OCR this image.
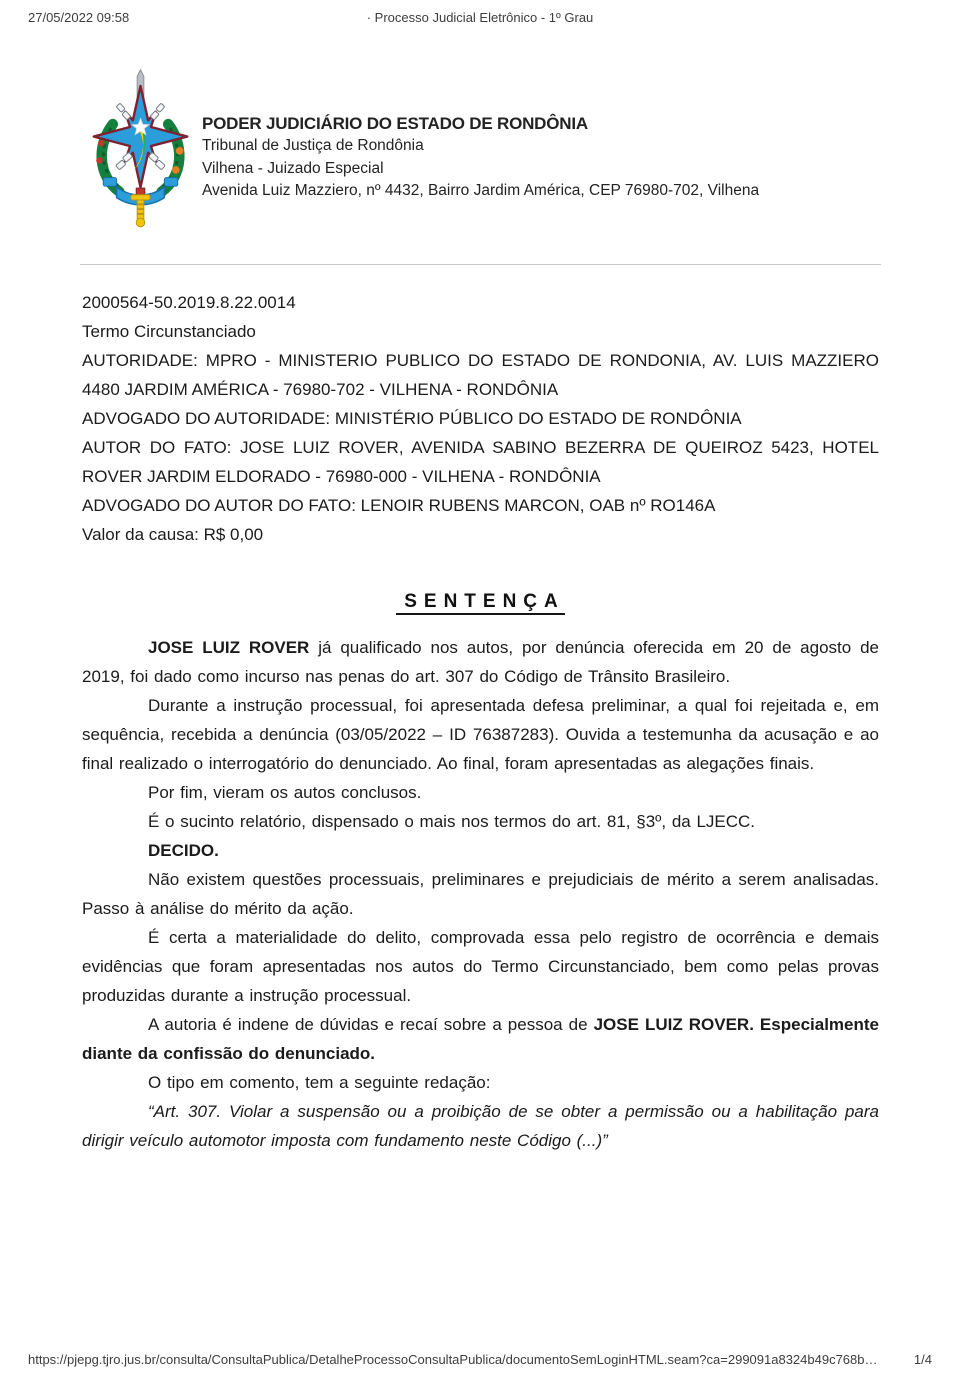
27/05/2022 09:58	· Processo Judicial Eletrônico - 1º Grau
PODER JUDICIÁRIO DO ESTADO DE RONDÔNIA
Tribunal de Justiça de Rondônia
Vilhena - Juizado Especial
Avenida Luiz Mazziero, nº 4432, Bairro Jardim América, CEP 76980-702, Vilhena

2000564-50.2019.8.22.0014

Termo Circunstanciado

AUTORIDADE: MPRO - MINISTERIO PUBLICO DO ESTADO DE RONDONIA, AV. LUIS MAZZIERO 4480 JARDIM AMÉRICA - 76980-702 - VILHENA - RONDÔNIA
ADVOGADO DO AUTORIDADE: MINISTÉRIO PÚBLICO DO ESTADO DE RONDÔNIA

AUTOR DO FATO: JOSE LUIZ ROVER, AVENIDA SABINO BEZERRA DE QUEIROZ 5423, HOTEL ROVER JARDIM ELDORADO - 76980-000 - VILHENA - RONDÔNIA
ADVOGADO DO AUTOR DO FATO: LENOIR RUBENS MARCON, OAB nº RO146A

Valor da causa: R$ 0,00

SENTENÇA

JOSE LUIZ ROVER já qualificado nos autos, por denúncia oferecida em 20 de agosto de 2019, foi dado como incurso nas penas do art. 307 do Código de Trânsito Brasileiro.

Durante a instrução processual, foi apresentada defesa preliminar, a qual foi rejeitada e, em sequência, recebida a denúncia (03/05/2022 – ID 76387283). Ouvida a testemunha da acusação e ao final realizado o interrogatório do denunciado. Ao final, foram apresentadas as alegações finais.

Por fim, vieram os autos conclusos.

É o sucinto relatório, dispensado o mais nos termos do art. 81, §3º, da LJECC.

DECIDO.

Não existem questões processuais, preliminares e prejudiciais de mérito a serem analisadas. Passo à análise do mérito da ação.

É certa a materialidade do delito, comprovada essa pelo registro de ocorrência e demais evidências que foram apresentadas nos autos do Termo Circunstanciado, bem como pelas provas produzidas durante a instrução processual.

A autoria é indene de dúvidas e recaí sobre a pessoa de JOSE LUIZ ROVER. Especialmente diante da confissão do denunciado.

O tipo em comento, tem a seguinte redação:

“Art. 307. Violar a suspensão ou a proibição de se obter a permissão ou a habilitação para dirigir veículo automotor imposta com fundamento neste Código (...)”

https://pjepg.tjro.jus.br/consulta/ConsultaPublica/DetalheProcessoConsultaPublica/documentoSemLoginHTML.seam?ca=299091a8324b49c768b…	1/4
